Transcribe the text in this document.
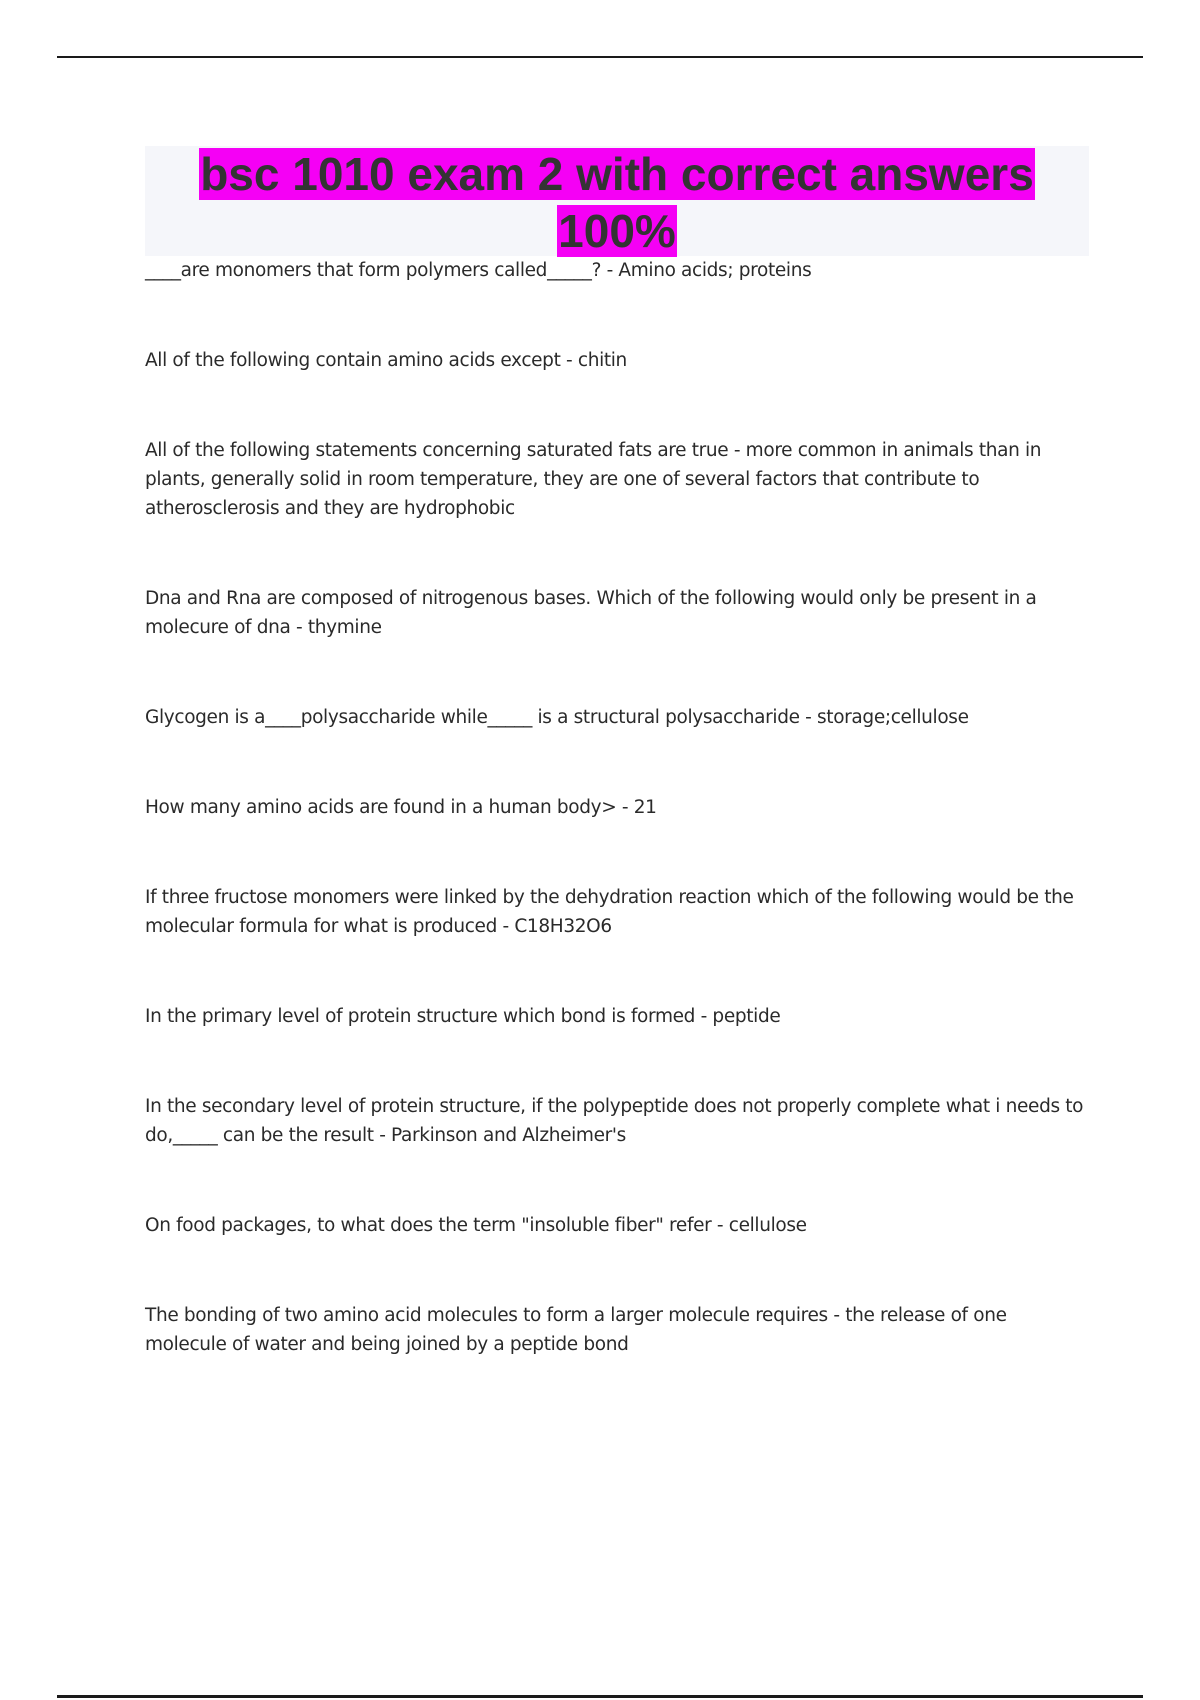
bsc 1010 exam 2 with correct answers
100%

____are monomers that form polymers called_____? - Amino acids; proteins

All of the following contain amino acids except - chitin

All of the following statements concerning saturated fats are true - more common in animals than in plants, generally solid in room temperature, they are one of several factors that contribute to atherosclerosis and they are hydrophobic

Dna and Rna are composed of nitrogenous bases. Which of the following would only be present in a molecure of dna - thymine

Glycogen is a____polysaccharide while_____ is a structural polysaccharide - storage;cellulose

How many amino acids are found in a human body> - 21

If three fructose monomers were linked by the dehydration reaction which of the following would be the molecular formula for what is produced - C18H32O6

In the primary level of protein structure which bond is formed - peptide

In the secondary level of protein structure, if the polypeptide does not properly complete what i needs to do,_____ can be the result - Parkinson and Alzheimer's

On food packages, to what does the term "insoluble fiber" refer - cellulose

The bonding of two amino acid molecules to form a larger molecule requires - the release of one molecule of water and being joined by a peptide bond
